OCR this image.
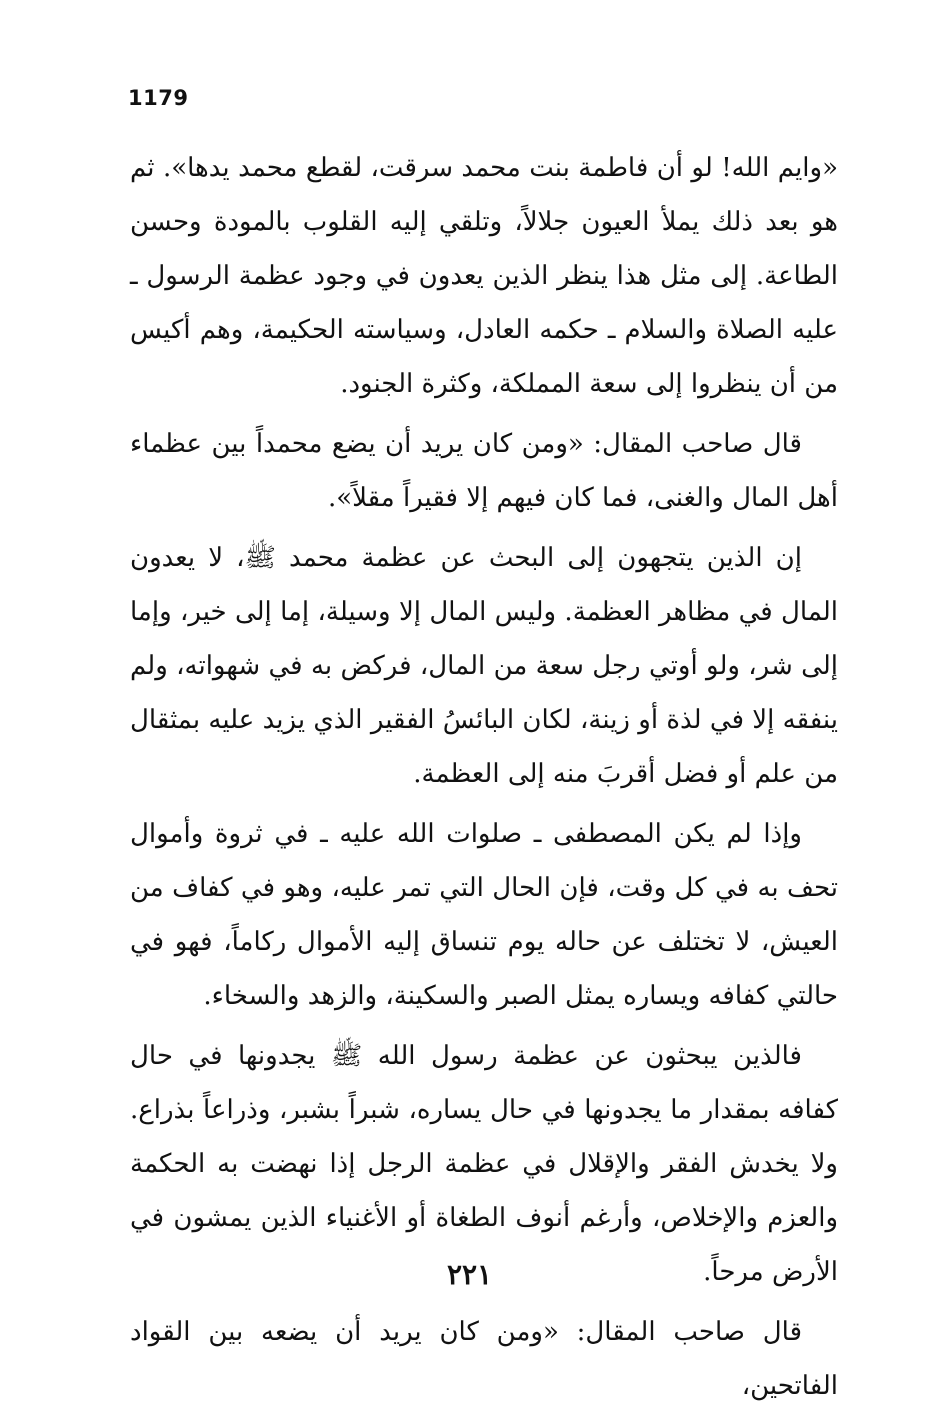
1179

«وايم الله! لو أن فاطمة بنت محمد سرقت، لقطع محمد يدها». ثم هو بعد ذلك يملأ العيون جلالاً، وتلقي إليه القلوب بالمودة وحسن الطاعة. إلى مثل هذا ينظر الذين يعدون في وجود عظمة الرسول ـ عليه الصلاة والسلام ـ حكمه العادل، وسياسته الحكيمة، وهم أكيس من أن ينظروا إلى سعة المملكة، وكثرة الجنود.

قال صاحب المقال: «ومن كان يريد أن يضع محمداً بين عظماء أهل المال والغنى، فما كان فيهم إلا فقيراً مقلاً».

إن الذين يتجهون إلى البحث عن عظمة محمد ﷺ، لا يعدون المال في مظاهر العظمة. وليس المال إلا وسيلة، إما إلى خير، وإما إلى شر، ولو أوتي رجل سعة من المال، فركض به في شهواته، ولم ينفقه إلا في لذة أو زينة، لكان البائسُ الفقير الذي يزيد عليه بمثقال من علم أو فضل أقربَ منه إلى العظمة.

وإذا لم يكن المصطفى ـ صلوات الله عليه ـ في ثروة وأموال تحف به في كل وقت، فإن الحال التي تمر عليه، وهو في كفاف من العيش، لا تختلف عن حاله يوم تنساق إليه الأموال ركاماً، فهو في حالتي كفافه ويساره يمثل الصبر والسكينة، والزهد والسخاء.

فالذين يبحثون عن عظمة رسول الله ﷺ يجدونها في حال كفافه بمقدار ما يجدونها في حال يساره، شبراً بشبر، وذراعاً بذراع. ولا يخدش الفقر والإقلال في عظمة الرجل إذا نهضت به الحكمة والعزم والإخلاص، وأرغم أنوف الطغاة أو الأغنياء الذين يمشون في الأرض مرحاً.

قال صاحب المقال: «ومن كان يريد أن يضعه بين القواد الفاتحين،

٢٢١
